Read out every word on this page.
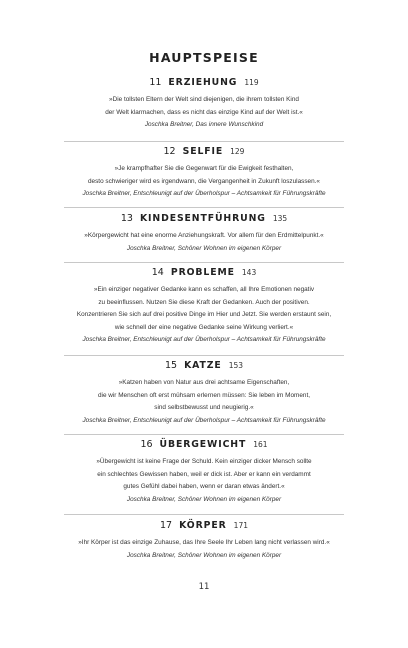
HAUPTSPEISE
11 ERZIEHUNG 119
»Die tollsten Eltern der Welt sind diejenigen, die ihrem tollsten Kind
der Welt klarmachen, dass es nicht das einzige Kind auf der Welt ist.«
Joschka Breitner, Das innere Wunschkind
12 SELFIE 129
»Je krampfhafter Sie die Gegenwart für die Ewigkeit festhalten,
desto schwieriger wird es irgendwann, die Vergangenheit in Zukunft loszulassen.«
Joschka Breitner, Entschleunigt auf der Überholspur – Achtsamkeit für Führungskräfte
13 KINDESENTFÜHRUNG 135
»Körpergewicht hat eine enorme Anziehungskraft. Vor allem für den Erdmittelpunkt.«
Joschka Breitner, Schöner Wohnen im eigenen Körper
14 PROBLEME 143
»Ein einziger negativer Gedanke kann es schaffen, all Ihre Emotionen negativ
zu beeinflussen. Nutzen Sie diese Kraft der Gedanken. Auch der positiven.
Konzentrieren Sie sich auf drei positive Dinge im Hier und Jetzt. Sie werden erstaunt sein,
wie schnell der eine negative Gedanke seine Wirkung verliert.«
Joschka Breitner, Entschleunigt auf der Überholspur – Achtsamkeit für Führungskräfte
15 KATZE 153
»Katzen haben von Natur aus drei achtsame Eigenschaften,
die wir Menschen oft erst mühsam erlernen müssen: Sie leben im Moment,
sind selbstbewusst und neugierig.«
Joschka Breitner, Entschleunigt auf der Überholspur – Achtsamkeit für Führungskräfte
16 ÜBERGEWICHT 161
»Übergewicht ist keine Frage der Schuld. Kein einziger dicker Mensch sollte
ein schlechtes Gewissen haben, weil er dick ist. Aber er kann ein verdammt
gutes Gefühl dabei haben, wenn er daran etwas ändert.«
Joschka Breitner, Schöner Wohnen im eigenen Körper
17 KÖRPER 171
»Ihr Körper ist das einzige Zuhause, das Ihre Seele Ihr Leben lang nicht verlassen wird.«
Joschka Breitner, Schöner Wohnen im eigenen Körper
11
